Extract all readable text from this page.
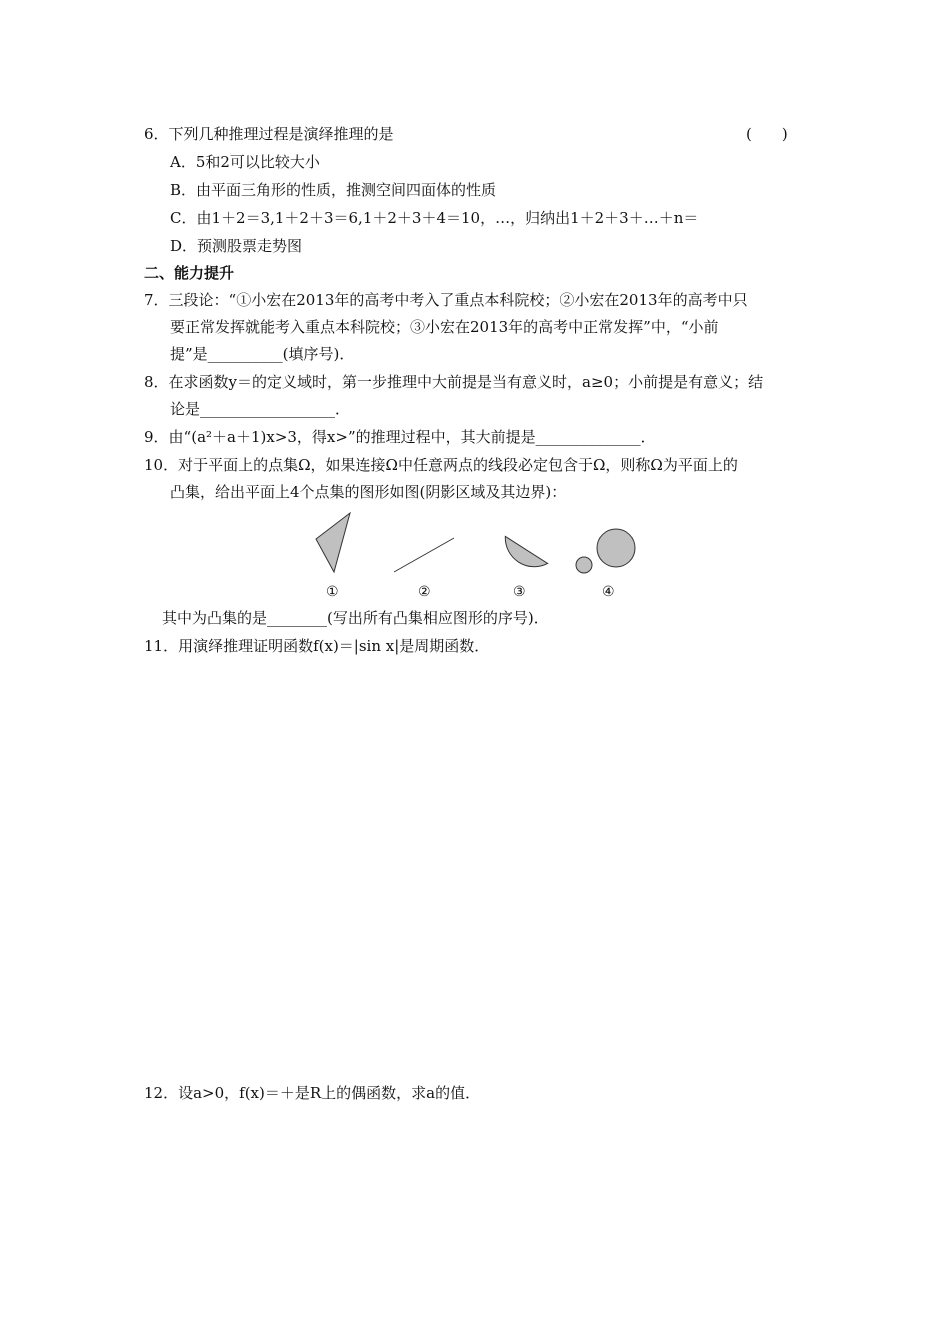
6．下列几种推理过程是演绎推理的是	(　　)
A．5和2可以比较大小
B．由平面三角形的性质，推测空间四面体的性质
C．由1＋2＝3,1＋2＋3＝6,1＋2＋3＋4＝10，…，归纳出1＋2＋3＋…＋n＝
D．预测股票走势图
二、能力提升
7．三段论：“①小宏在2013年的高考中考入了重点本科院校；②小宏在2013年的高考中只
要正常发挥就能考入重点本科院校；③小宏在2013年的高考中正常发挥”中，“小前
提”是__________(填序号)．
8．在求函数y＝的定义域时，第一步推理中大前提是当有意义时，a≥0；小前提是有意义；结
论是__________________．
9．由“(a²＋a＋1)x>3，得x>”的推理过程中，其大前提是______________．
10．对于平面上的点集Ω，如果连接Ω中任意两点的线段必定包含于Ω，则称Ω为平面上的
凸集，给出平面上4个点集的图形如图(阴影区域及其边界)：
①	②	③	④
其中为凸集的是________(写出所有凸集相应图形的序号)．
11．用演绎推理证明函数f(x)＝|sin x|是周期函数．
12．设a>0，f(x)＝＋是R上的偶函数，求a的值．
